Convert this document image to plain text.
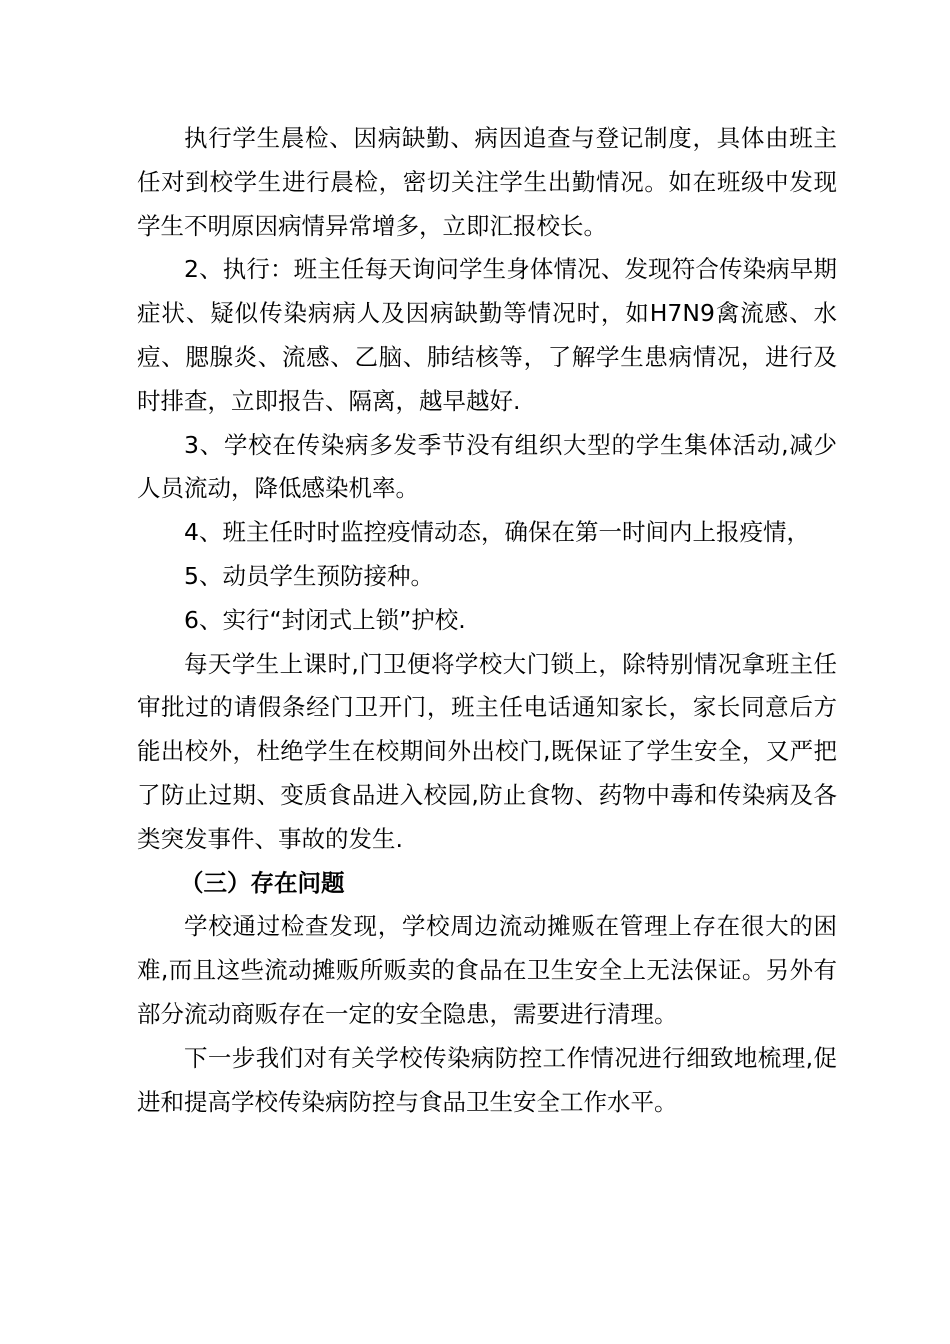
执行学生晨检、因病缺勤、病因追查与登记制度，具体由班主任对到校学生进行晨检，密切关注学生出勤情况。如在班级中发现学生不明原因病情异常增多，立即汇报校长。

2、执行：班主任每天询问学生身体情况、发现符合传染病早期症状、疑似传染病病人及因病缺勤等情况时，如H7N9禽流感、水痘、腮腺炎、流感、乙脑、肺结核等，了解学生患病情况，进行及时排查，立即报告、隔离，越早越好.

3、学校在传染病多发季节没有组织大型的学生集体活动,减少人员流动，降低感染机率。

4、班主任时时监控疫情动态，确保在第一时间内上报疫情，

5、动员学生预防接种。

6、实行“封闭式上锁”护校.

每天学生上课时,门卫便将学校大门锁上，除特别情况拿班主任审批过的请假条经门卫开门，班主任电话通知家长，家长同意后方能出校外，杜绝学生在校期间外出校门,既保证了学生安全，又严把了防止过期、变质食品进入校园,防止食物、药物中毒和传染病及各类突发事件、事故的发生.

（三）存在问题

学校通过检查发现，学校周边流动摊贩在管理上存在很大的困难,而且这些流动摊贩所贩卖的食品在卫生安全上无法保证。另外有部分流动商贩存在一定的安全隐患，需要进行清理。

下一步我们对有关学校传染病防控工作情况进行细致地梳理,促进和提高学校传染病防控与食品卫生安全工作水平。
